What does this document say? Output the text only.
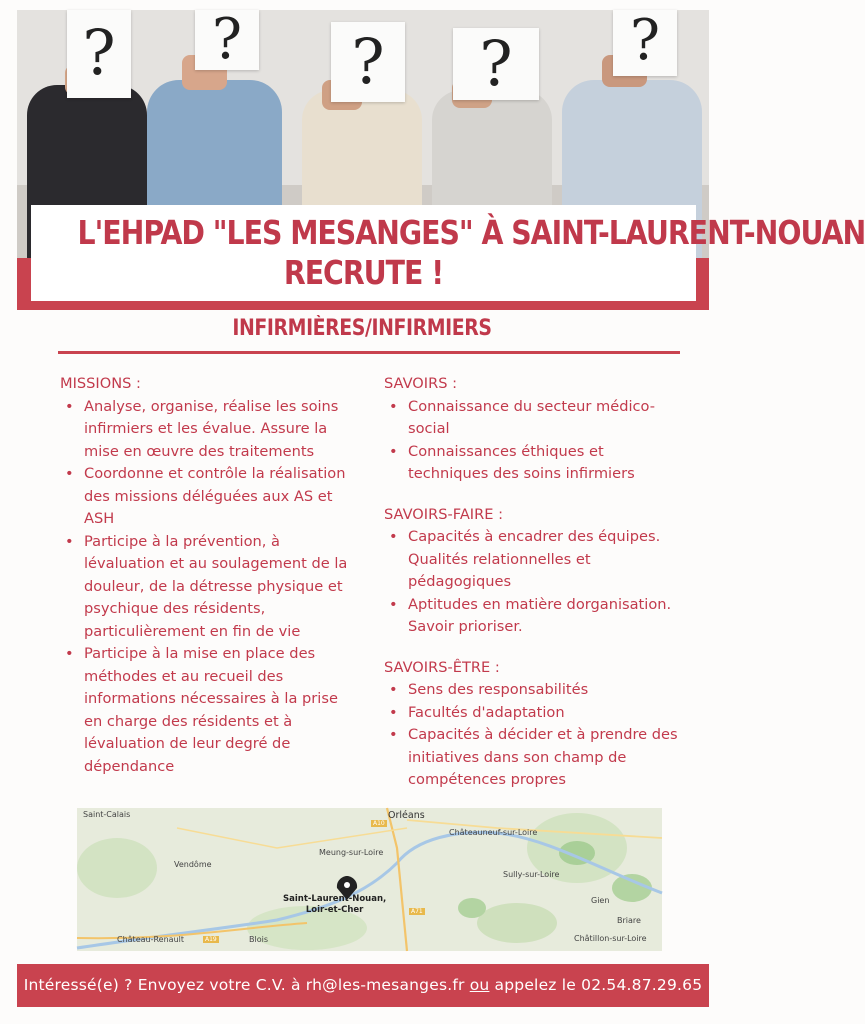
?	?	?	?	?
L'EHPAD "LES MESANGES" À SAINT-LAURENT-NOUAN
RECRUTE !
INFIRMIÈRES/INFIRMIERS

MISSIONS :

• Analyse, organise, réalise les soins infirmiers et les évalue. Assure la mise en œuvre des traitements
• Coordonne et contrôle la réalisation des missions déléguées aux AS et ASH
• Participe à la prévention, à lévaluation et au soulagement de la douleur, de la détresse physique et psychique des résidents, particulièrement en fin de vie
• Participe à la mise en place des méthodes et au recueil des informations nécessaires à la prise en charge des résidents et à lévaluation de leur degré de dépendance

SAVOIRS :

• Connaissance du secteur médico-social
• Connaissances éthiques et techniques des soins infirmiers

SAVOIRS-FAIRE :

• Capacités à encadrer des équipes. Qualités relationnelles et pédagogiques
• Aptitudes en matière dorganisation. Savoir prioriser.

SAVOIRS-ÊTRE :

• Sens des responsabilités
• Facultés d'adaptation
• Capacités à décider et à prendre des initiatives dans son champ de compétences propres
Saint-Calais	Orléans
Châteauneuf-sur-Loire
Meung-sur-Loire
Vendôme
Sully-sur-Loire
Saint-Laurent-Nouan,
Loir-et-Cher
Gien
Briare
Château-Renault	Blois	Châtillon-sur-Loire
A10
A19
A71
Intéressé(e) ? Envoyez votre C.V. à rh@les-mesanges.fr ou appelez le 02.54.87.29.65
